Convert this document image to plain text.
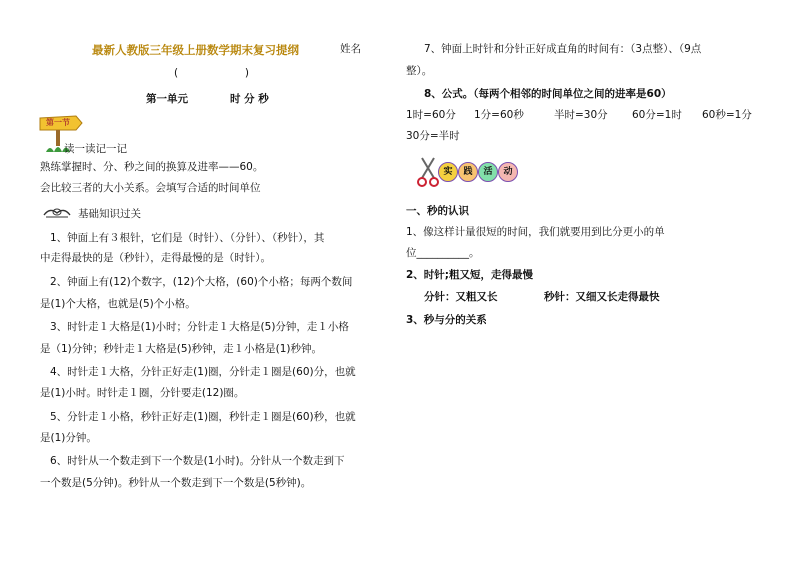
最新人教版三年级上册数学期末复习提纲	姓名
(                    )
第一单元	时 分 秒
第一节
读一读记一记
熟练掌握时、分、秒之间的换算及进率——60。
会比较三者的大小关系。会填写合适的时间单位
基础知识过关
1、钟面上有３根针，它们是（时针）、（分针）、（秒针），其
中走得最快的是（秒针），走得最慢的是（时针）。
2、钟面上有(12)个数字，(12)个大格，(60)个小格；每两个数间
是(1)个大格，也就是(5)个小格。
3、时针走１大格是(1)小时；分针走１大格是(5)分钟，走１小格
是（1)分钟；秒针走１大格是(5)秒钟，走１小格是(1)秒钟。
4、时针走１大格，分针正好走(1)圈，分针走１圈是(60)分，也就
是(1)小时。时针走１圈，分针要走(12)圈。
5、分针走１小格，秒针正好走(1)圈，秒针走１圈是(60)秒，也就
是(1)分钟。
6、时针从一个数走到下一个数是(1小时)。分针从一个数走到下
一个数是(5分钟)。秒针从一个数走到下一个数是(5秒钟)。
7、钟面上时针和分针正好成直角的时间有：（3点整）、（9点
整）。
8、公式。（每两个相邻的时间单位之间的进率是60）
1时=60分 1分=60秒	半时=30分 60分=1时 60秒=1分
30分=半时
实	践	活	动
一、秒的认识
1、像这样计量很短的时间，我们就要用到比分更小的单
位__________。
2、时针;粗又短，走得最慢
分针：又粗又长	秒针：又细又长走得最快
3、秒与分的关系
